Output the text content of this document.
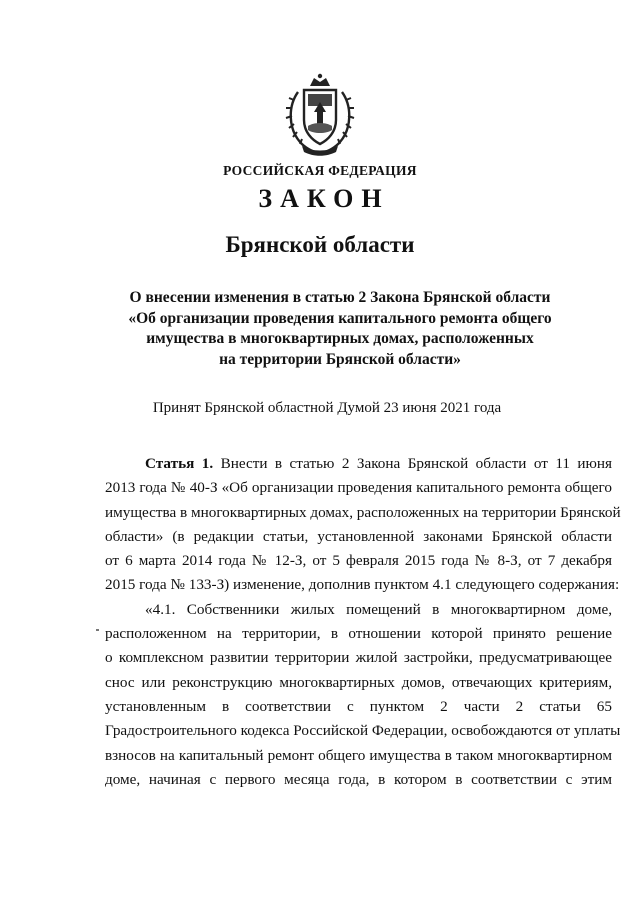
РОССИЙСКАЯ ФЕДЕРАЦИЯ
ЗАКОН
Брянской области
О внесении изменения в статью 2 Закона Брянской области
«Об организации проведения капитального ремонта общего
имущества в многоквартирных домах, расположенных
на территории Брянской области»
Принят Брянской областной Думой 23 июня 2021 года
Статья 1. Внести в статью 2 Закона Брянской области от 11 июня
2013 года № 40-З «Об организации проведения капитального ремонта общего
имущества в многоквартирных домах, расположенных на территории Брянской
области» (в редакции статьи, установленной законами Брянской области
от 6 марта 2014 года № 12-З, от 5 февраля 2015 года № 8-З, от 7 декабря
2015 года № 133-З) изменение, дополнив пунктом 4.1 следующего содержания:
«4.1. Собственники жилых помещений в многоквартирном доме,
расположенном на территории, в отношении которой принято решение
о комплексном развитии территории жилой застройки, предусматривающее
снос или реконструкцию многоквартирных домов, отвечающих критериям,
установленным в соответствии с пунктом 2 части 2 статьи 65
Градостроительного кодекса Российской Федерации, освобождаются от уплаты
взносов на капитальный ремонт общего имущества в таком многоквартирном
доме, начиная с первого месяца года, в котором в соответствии с этим
